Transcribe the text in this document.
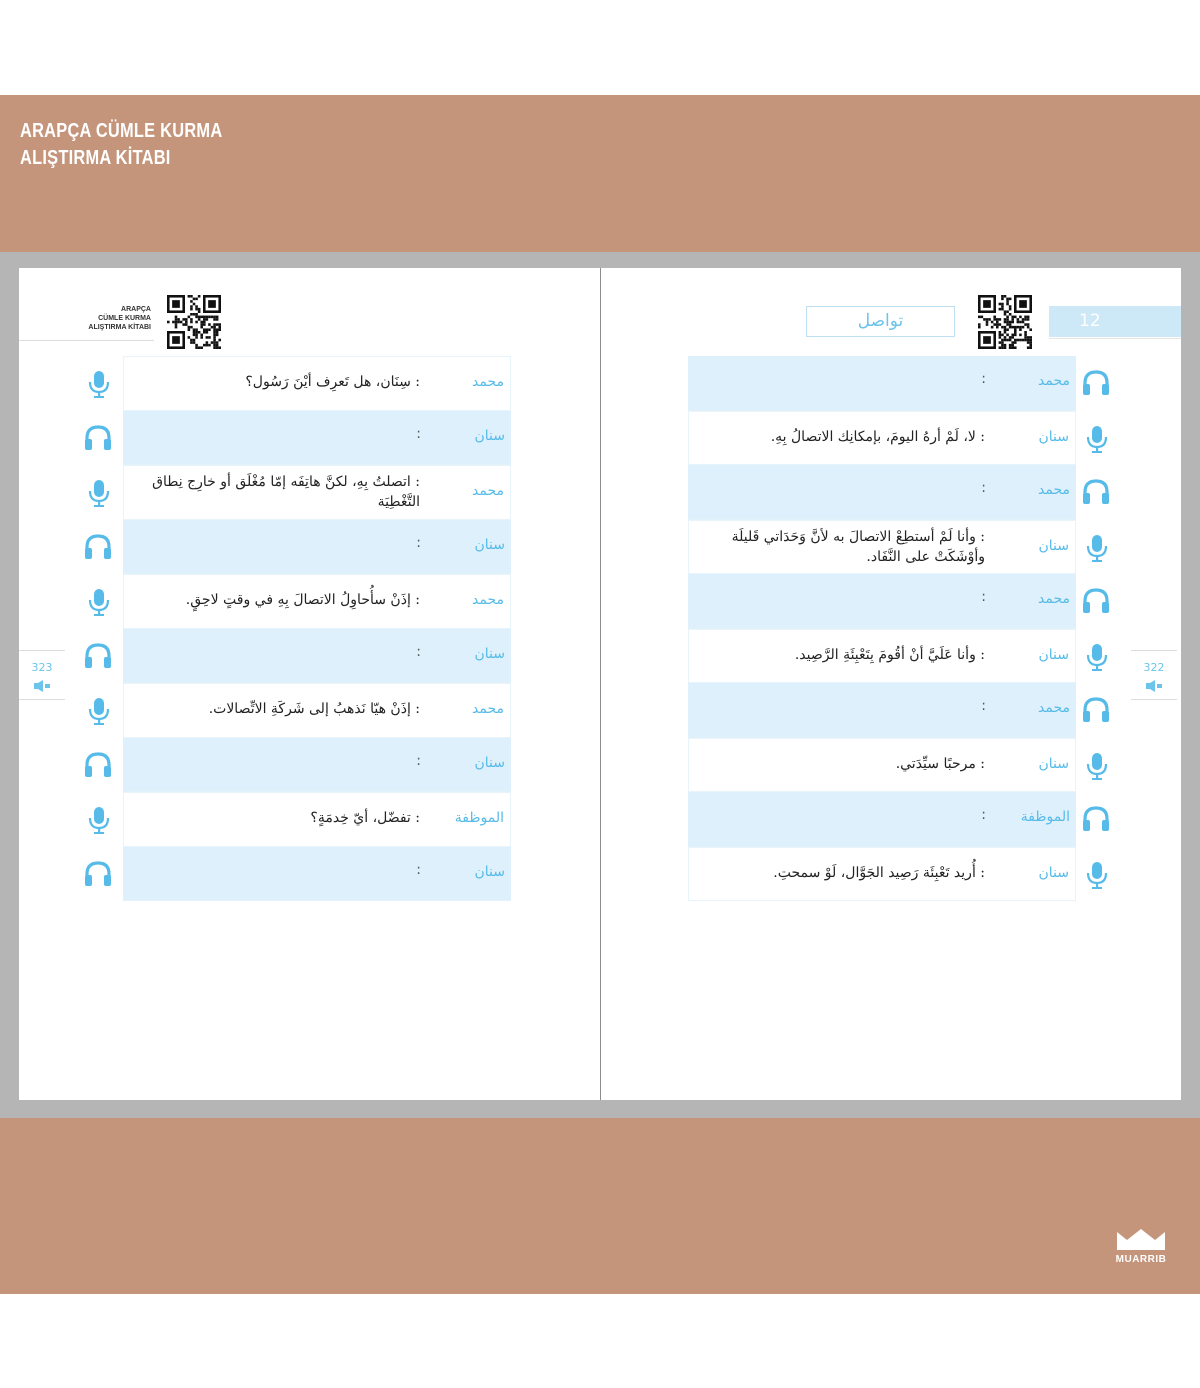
ARAPÇA CÜMLE KURMA
ALIŞTIRMA KİTABI
MUARRIB
ARAPÇA
CÜMLE KURMA
ALIŞTIRMA KİTABI
محمد
: سِنَان، هل تَعرِف أيْنَ رَسُول؟
سنان
:
محمد
: اتصلتُ بِهِ، لكنَّ هاتِفَه إمّا مُغْلَق أو خارِج نِطاق التَّغْطِيَة
سنان
:
محمد
: إذَنْ سأُحاوِلُ الاتصالَ بِهِ في وقتٍ لاحِقٍ.
سنان
:
محمد
: إذَنْ هيّا نَذهبُ إلى شَركَةِ الاتِّصالات.
سنان
:
الموظفة
: تفضّل، أيّ خِدمَةٍ؟
سنان
:
323
تواصل	12
محمد
:
سنان
: لا، لَمْ أرهُ اليومَ، بإمكانِك الاتصالُ بِهِ.
محمد
:
سنان
: وأنا لَمْ أستطِعْ الاتصالَ به لأنَّ وَحَدَاتي قَليلَة وأوْشَكَتْ على النَّفَاد.
محمد
:
سنان
: وأنا عَلَيَّ أنْ أقُومَ بِتَعْبِئَةِ الرَّصِيد.
محمد
:
سنان
: مرحبًا سيِّدَتي.
الموظفة
:
سنان
: أُريد تَعْبِئَة رَصِيد الجَوَّال، لَوْ سمحتِ.
322
